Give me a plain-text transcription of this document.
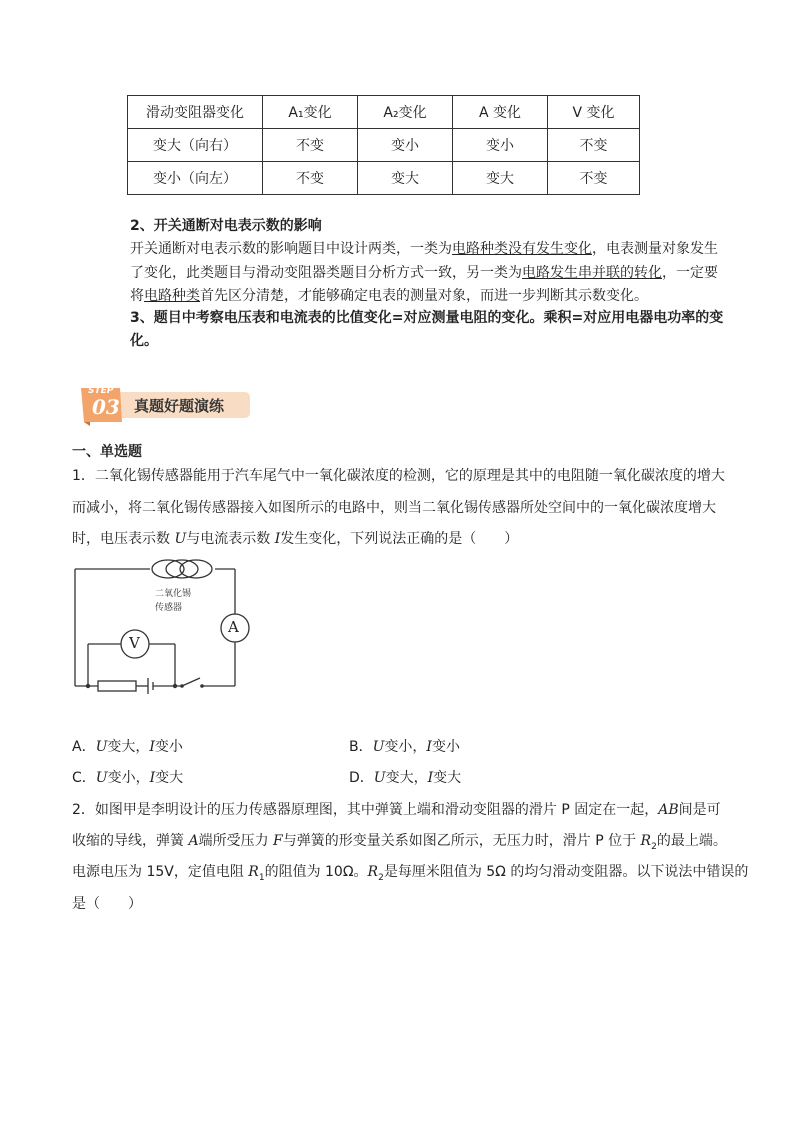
滑动变阻器变化	A₁变化	A₂变化	A 变化	V 变化
变大（向右）	不变	变小	变小	不变
变小（向左）	不变	变大	变大	不变
2、开关通断对电表示数的影响
开关通断对电表示数的影响题目中设计两类，一类为电路种类没有发生变化，电表测量对象发生
了变化，此类题目与滑动变阻器类题目分析方式一致，另一类为电路发生串并联的转化，一定要
将电路种类首先区分清楚，才能够确定电表的测量对象，而进一步判断其示数变化。
3、题目中考察电压表和电流表的比值变化=对应测量电阻的变化。乘积=对应用电器电功率的变
化。
STEP
03 真题好题演练
一、单选题
1．二氧化锡传感器能用于汽车尾气中一氧化碳浓度的检测，它的原理是其中的电阻随一氧化碳浓度的增大
而减小，将二氧化锡传感器接入如图所示的电路中，则当二氧化锡传感器所处空间中的一氧化碳浓度增大
时，电压表示数 U与电流表示数 I发生变化，下列说法正确的是（　　）
二氧化锡
传感器
V
A
A．U变大，I变小	B．U变小，I变小
C．U变小，I变大	D．U变大，I变大
2．如图甲是李明设计的压力传感器原理图，其中弹簧上端和滑动变阻器的滑片 P 固定在一起，AB间是可
收缩的导线，弹簧 A端所受压力 F与弹簧的形变量关系如图乙所示，无压力时，滑片 P 位于 $R_2$的最上端。
电源电压为 15V，定值电阻 $R_1$的阻值为 10Ω。$R_2$是每厘米阻值为 5Ω 的均匀滑动变阻器。以下说法中错误的
是（　　）
